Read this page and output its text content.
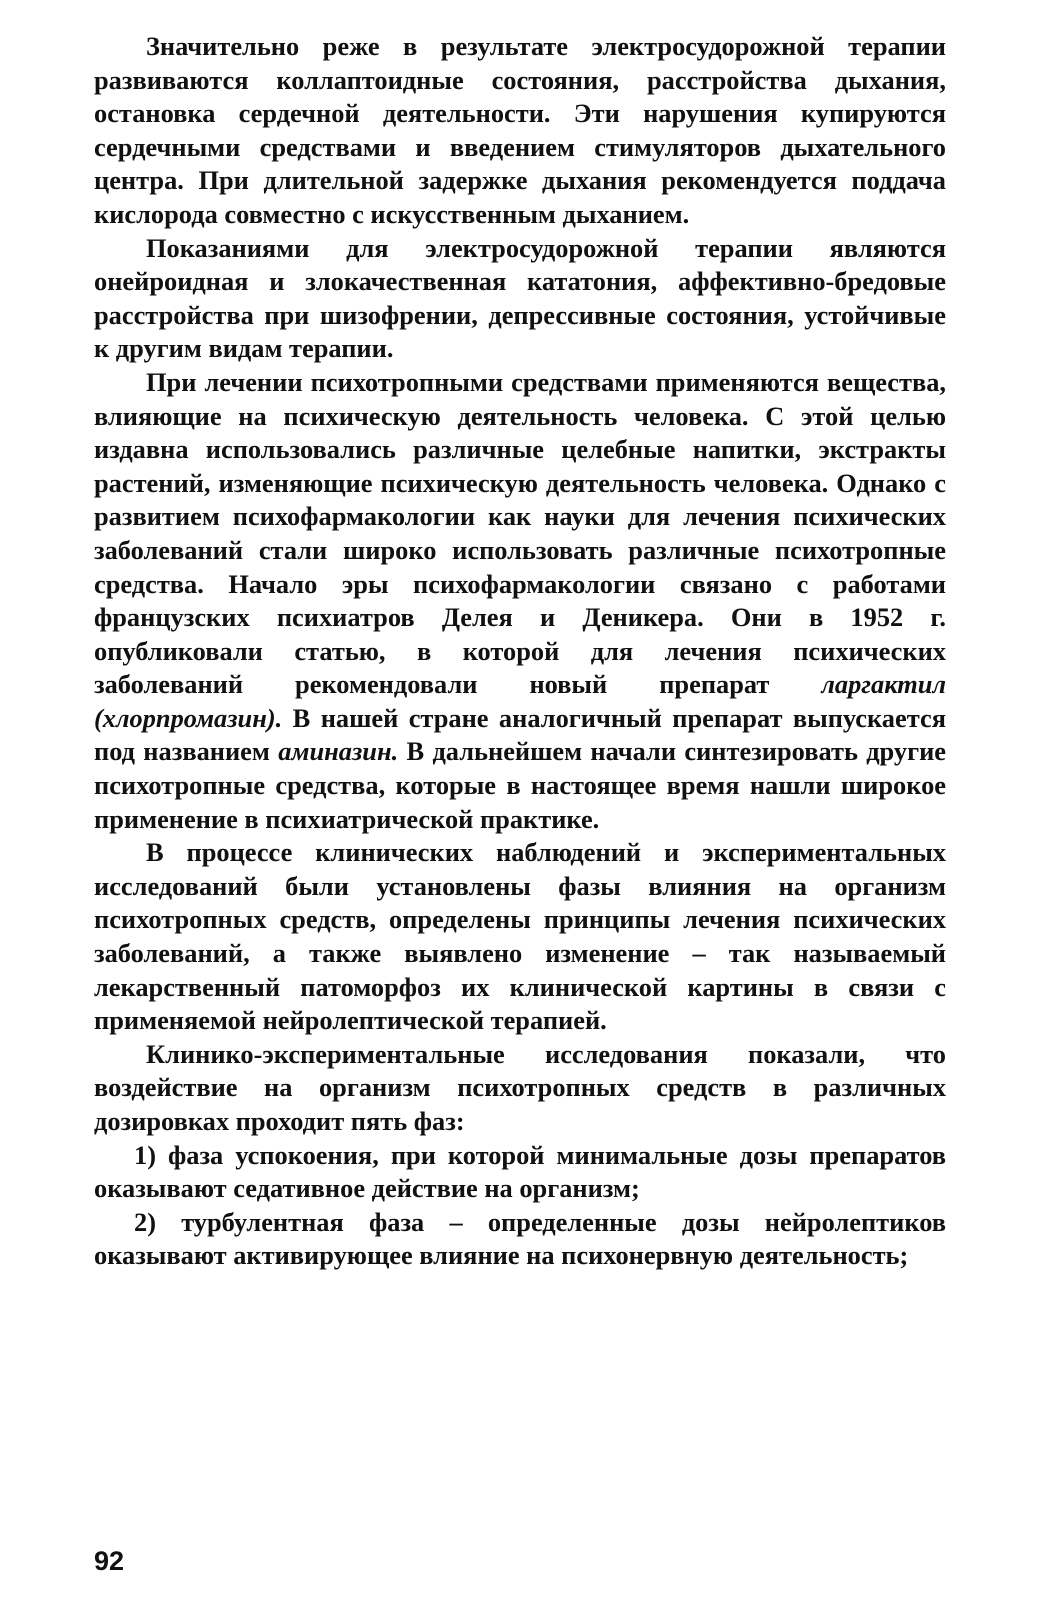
Значительно реже в результате электросудорожной терапии развиваются коллаптоидные состояния, расстройства дыхания, остановка сердечной деятельности. Эти нарушения купируются сердечными средствами и введением стимуляторов дыхательного центра. При длительной задержке дыхания рекомендуется поддача кислорода совместно с искусственным дыханием.

Показаниями для электросудорожной терапии являются онейроидная и злокачественная кататония, аффективно-бредовые расстройства при шизофрении, депрессивные состояния, устойчивые к другим видам терапии.

При лечении психотропными средствами применяются вещества, влияющие на психическую деятельность человека. С этой целью издавна использовались различные целебные напитки, экстракты растений, изменяющие психическую деятельность человека. Однако с развитием психофармакологии как науки для лечения психических заболеваний стали широко использовать различные психотропные средства. Начало эры психофармакологии связано с работами французских психиатров Делея и Деникера. Они в 1952 г. опубликовали статью, в которой для лечения психических заболеваний рекомендовали новый препарат ларгактил (хлорпромазин). В нашей стране аналогичный препарат выпускается под названием аминазин. В дальнейшем начали синтезировать другие психотропные средства, которые в настоящее время нашли широкое применение в психиатрической практике.

В процессе клинических наблюдений и экспериментальных исследований были установлены фазы влияния на организм психотропных средств, определены принципы лечения психических заболеваний, а также выявлено изменение – так называемый лекарственный патоморфоз их клинической картины в связи с применяемой нейролептической терапией.

Клинико-экспериментальные исследования показали, что воздействие на организм психотропных средств в различных дозировках проходит пять фаз:

1) фаза успокоения, при которой минимальные дозы препаратов оказывают седативное действие на организм;

2) турбулентная фаза – определенные дозы нейролептиков оказывают активирующее влияние на психонервную деятельность;

92
